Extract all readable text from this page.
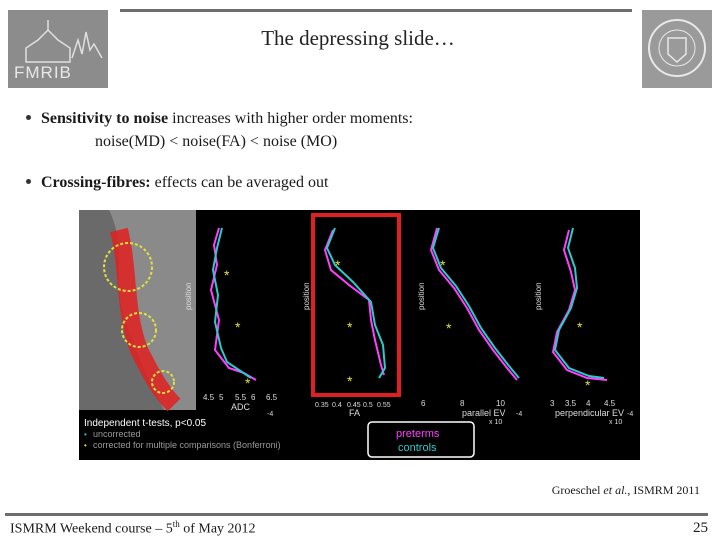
FMRIB
The depressing slide…
Sensitivity to noise increases with higher order moments:
noise(MD) < noise(FA) < noise (MO)
Crossing-fibres: effects can be averaged out
position
*
*
*
4.5 5 5.5 6 6.5
ADC
-4
position
*
*
*
0.35 0.4 0.45 0.5 0.55
FA
position
*
*
6	8	10
parallel EV
x 10
-4
position
*
*
3 3.5 4 4.5
perpendicular EV
x 10
-4
Independent t-tests, p<0.05
• uncorrected
• corrected for multiple comparisons (Bonferroni)
preterms
controls
Groeschel et al., ISMRM 2011
ISMRM Weekend course – 5th of May 2012	25
